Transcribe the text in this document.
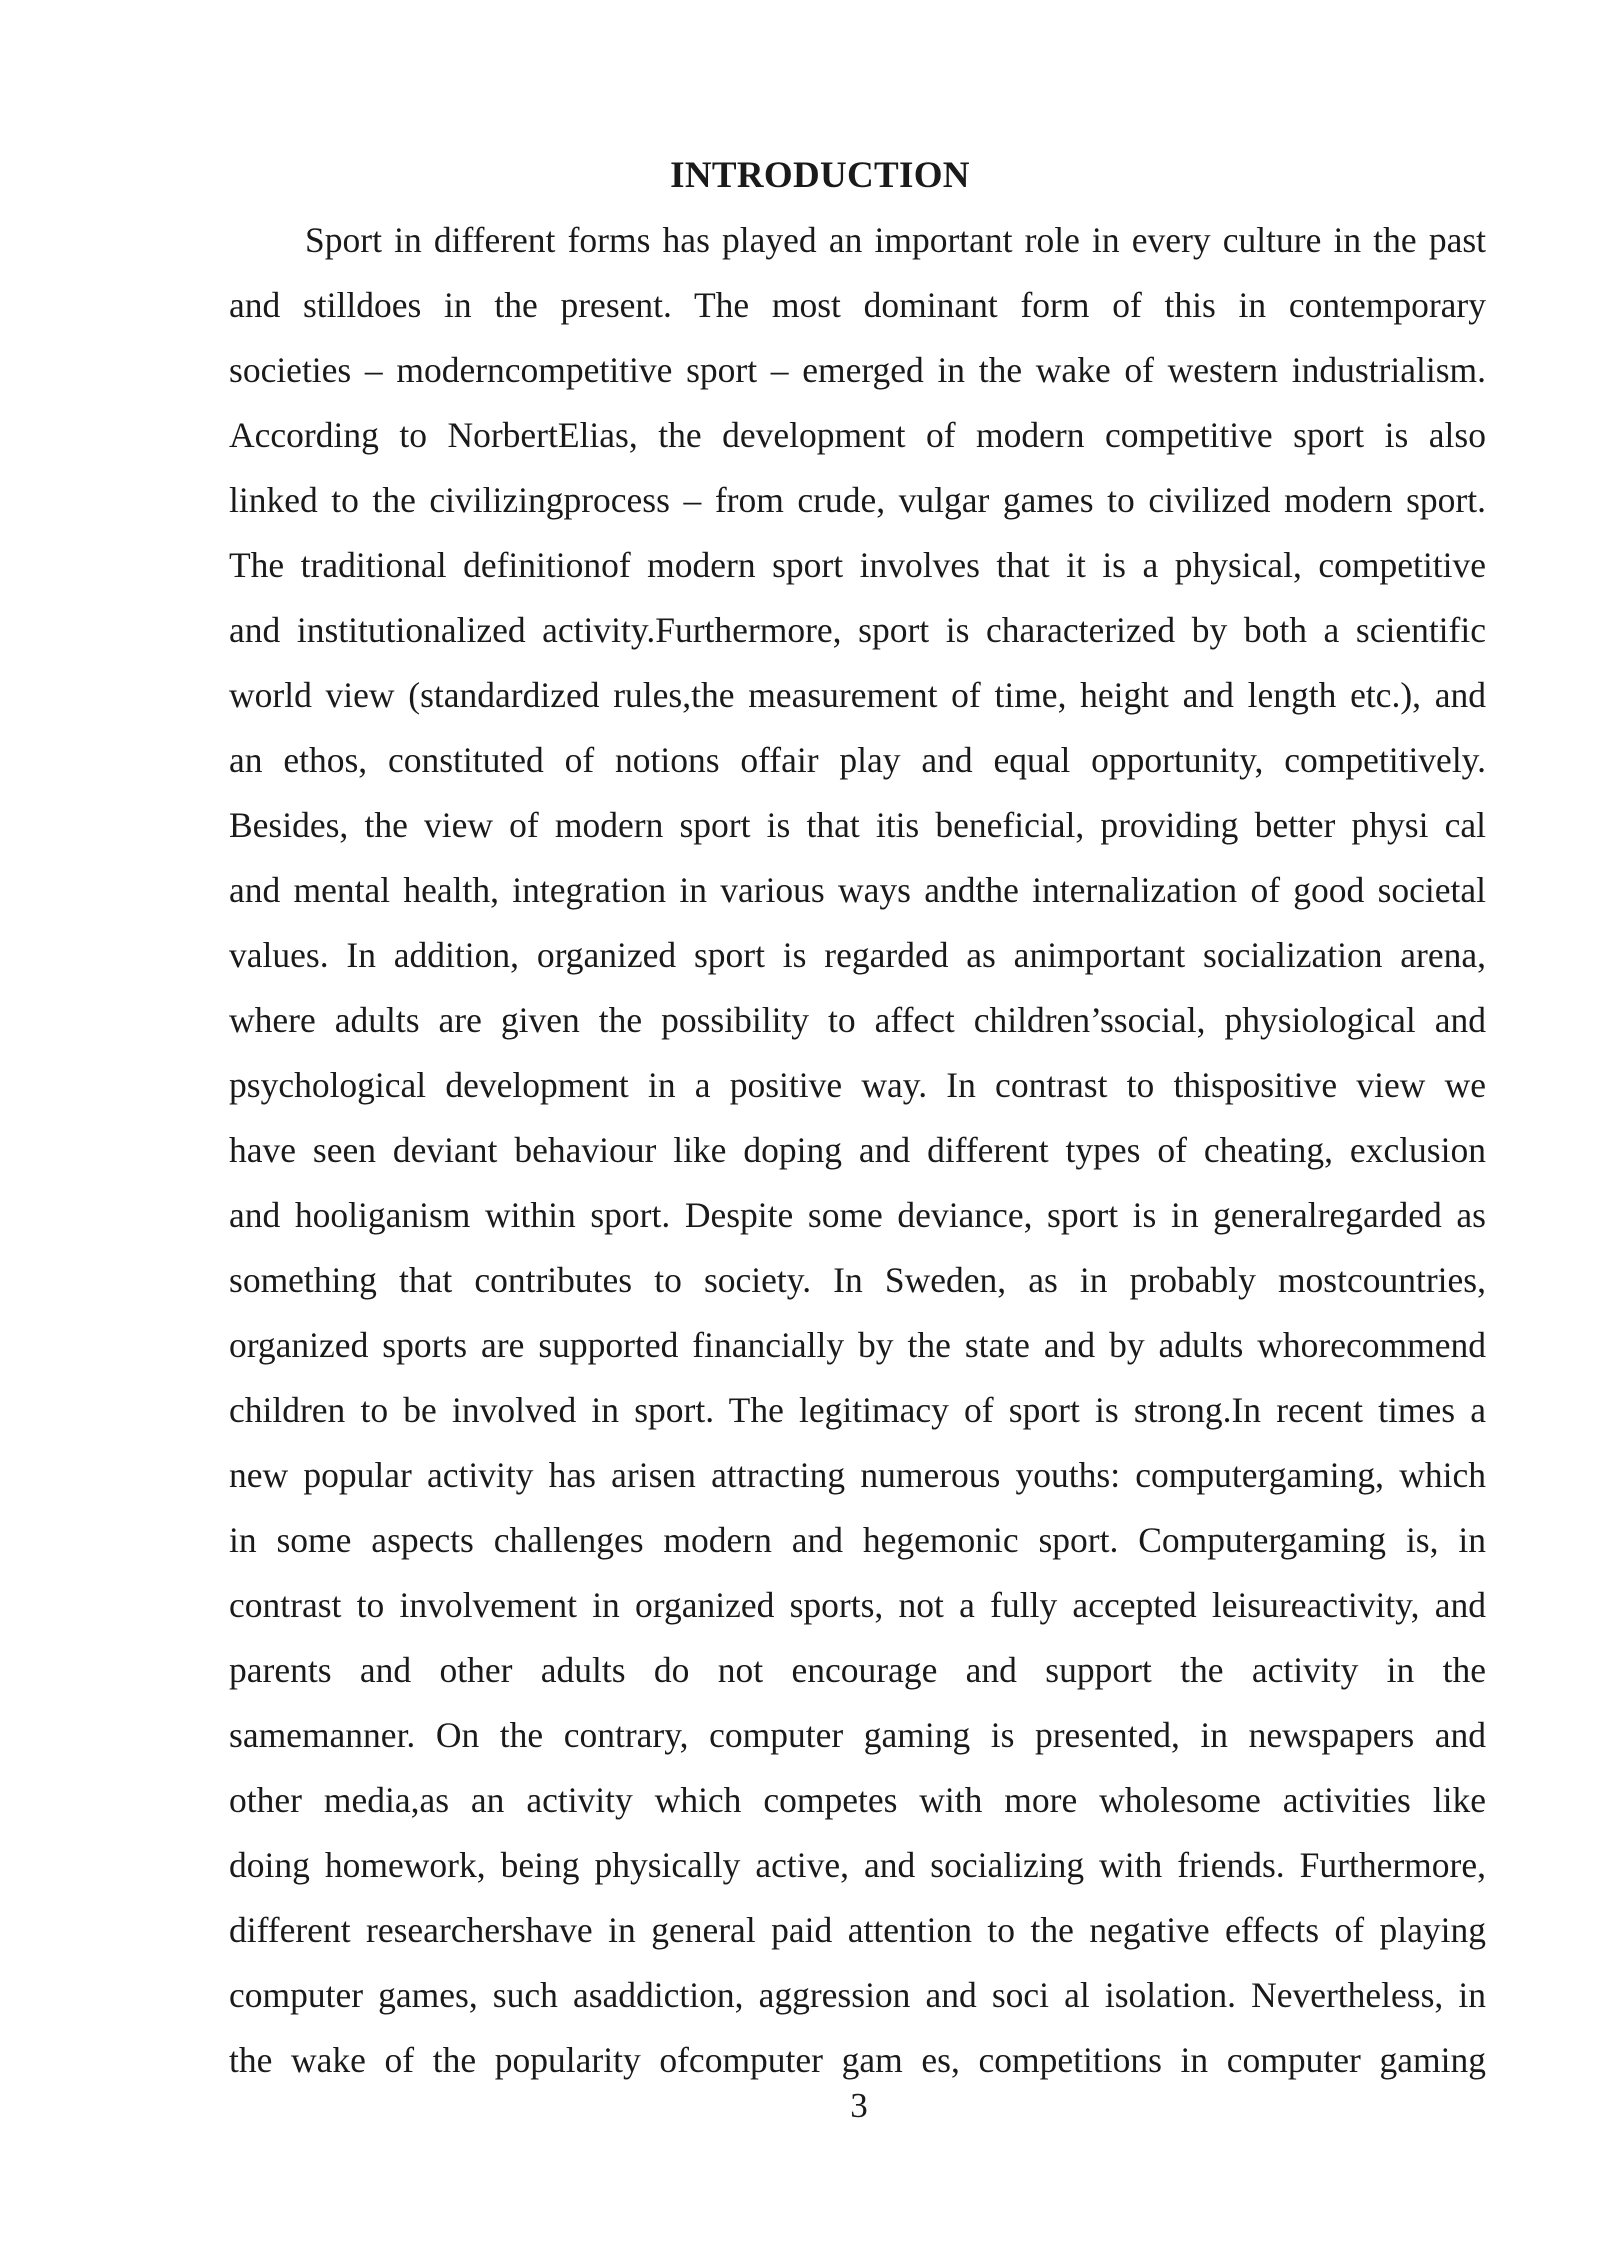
INTRODUCTION
Sport in different forms has played an important role in every culture in the past
and stilldoes in the present. The most dominant form of this in contemporary
societies – moderncompetitive sport – emerged in the wake of western industrialism.
According to NorbertElias, the development of modern competitive sport is also
linked to the civilizingprocess – from crude, vulgar games to civilized modern sport.
The traditional definitionof modern sport involves that it is a physical, competitive
and institutionalized activity.Furthermore, sport is characterized by both a scientific
world view (standardized rules,the measurement of time, height and length etc.), and
an ethos, constituted of notions offair play and equal opportunity, competitively.
Besides, the view of modern sport is that itis beneficial, providing better physi cal
and mental health, integration in various ways andthe internalization of good societal
values. In addition, organized sport is regarded as animportant socialization arena,
where adults are given the possibility to affect children’ssocial, physiological and
psychological development in a positive way. In contrast to thispositive view we
have seen deviant behaviour like doping and different types of cheating, exclusion
and hooliganism within sport. Despite some deviance, sport is in generalregarded as
something that contributes to society. In Sweden, as in probably mostcountries,
organized sports are supported financially by the state and by adults whorecommend
children to be involved in sport. The legitimacy of sport is strong.In recent times a
new popular activity has arisen attracting numerous youths: computergaming, which
in some aspects challenges modern and hegemonic sport. Computergaming is, in
contrast to involvement in organized sports, not a fully accepted leisureactivity, and
parents and other adults do not encourage and support the activity in the
samemanner. On the contrary, computer gaming is presented, in newspapers and
other media,as an activity which competes with more wholesome activities like
doing homework, being physically active, and socializing with friends. Furthermore,
different researchershave in general paid attention to the negative effects of playing
computer games, such asaddiction, aggression and soci al isolation. Nevertheless, in
the wake of the popularity ofcomputer gam es, competitions in computer gaming
3
